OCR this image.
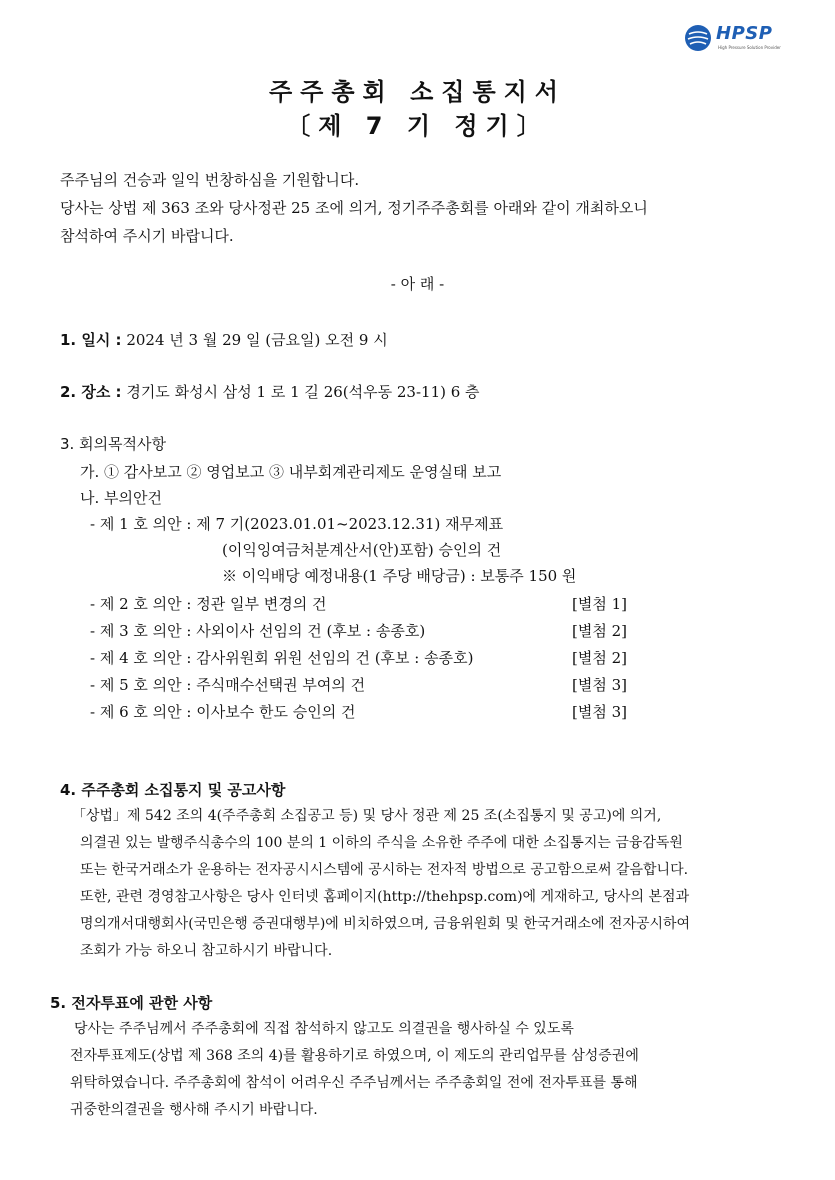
HPSP
High Pressure Solution Provider
주주총회 소집통지서
〔제 7 기 정기〕
주주님의 건승과 일익 번창하심을 기원합니다.
당사는 상법 제 363 조와 당사정관 25 조에 의거, 정기주주총회를 아래와 같이 개최하오니
참석하여 주시기 바랍니다.
- 아 래 -
1. 일시 : 2024 년 3 월 29 일 (금요일) 오전 9 시
2. 장소 : 경기도 화성시 삼성 1 로 1 길 26(석우동 23-11) 6 층
3. 회의목적사항
가. ① 감사보고 ② 영업보고 ③ 내부회계관리제도 운영실태 보고
나. 부의안건
- 제 1 호 의안 : 제 7 기(2023.01.01~2023.12.31) 재무제표
(이익잉여금처분계산서(안)포함) 승인의 건
※ 이익배당 예정내용(1 주당 배당금) : 보통주 150 원
- 제 2 호 의안 : 정관 일부 변경의 건	[별첨 1]
- 제 3 호 의안 : 사외이사 선임의 건 (후보 : 송종호)	[별첨 2]
- 제 4 호 의안 : 감사위원회 위원 선임의 건 (후보 : 송종호)	[별첨 2]
- 제 5 호 의안 : 주식매수선택권 부여의 건	[별첨 3]
- 제 6 호 의안 : 이사보수 한도 승인의 건	[별첨 3]
4. 주주총회 소집통지 및 공고사항
「상법」제 542 조의 4(주주총회 소집공고 등) 및 당사 정관 제 25 조(소집통지 및 공고)에 의거,
의결권 있는 발행주식총수의 100 분의 1 이하의 주식을 소유한 주주에 대한 소집통지는 금융감독원
또는 한국거래소가 운용하는 전자공시시스템에 공시하는 전자적 방법으로 공고함으로써 갈음합니다.
또한, 관련 경영참고사항은 당사 인터넷 홈페이지(http://thehpsp.com)에 게재하고, 당사의 본점과
명의개서대행회사(국민은행 증권대행부)에 비치하였으며, 금융위원회 및 한국거래소에 전자공시하여
조회가 가능 하오니 참고하시기 바랍니다.
5. 전자투표에 관한 사항
당사는 주주님께서 주주총회에 직접 참석하지 않고도 의결권을 행사하실 수 있도록
전자투표제도(상법 제 368 조의 4)를 활용하기로 하였으며, 이 제도의 관리업무를 삼성증권에
위탁하였습니다. 주주총회에 참석이 어려우신 주주님께서는 주주총회일 전에 전자투표를 통해
귀중한의결권을 행사해 주시기 바랍니다.
